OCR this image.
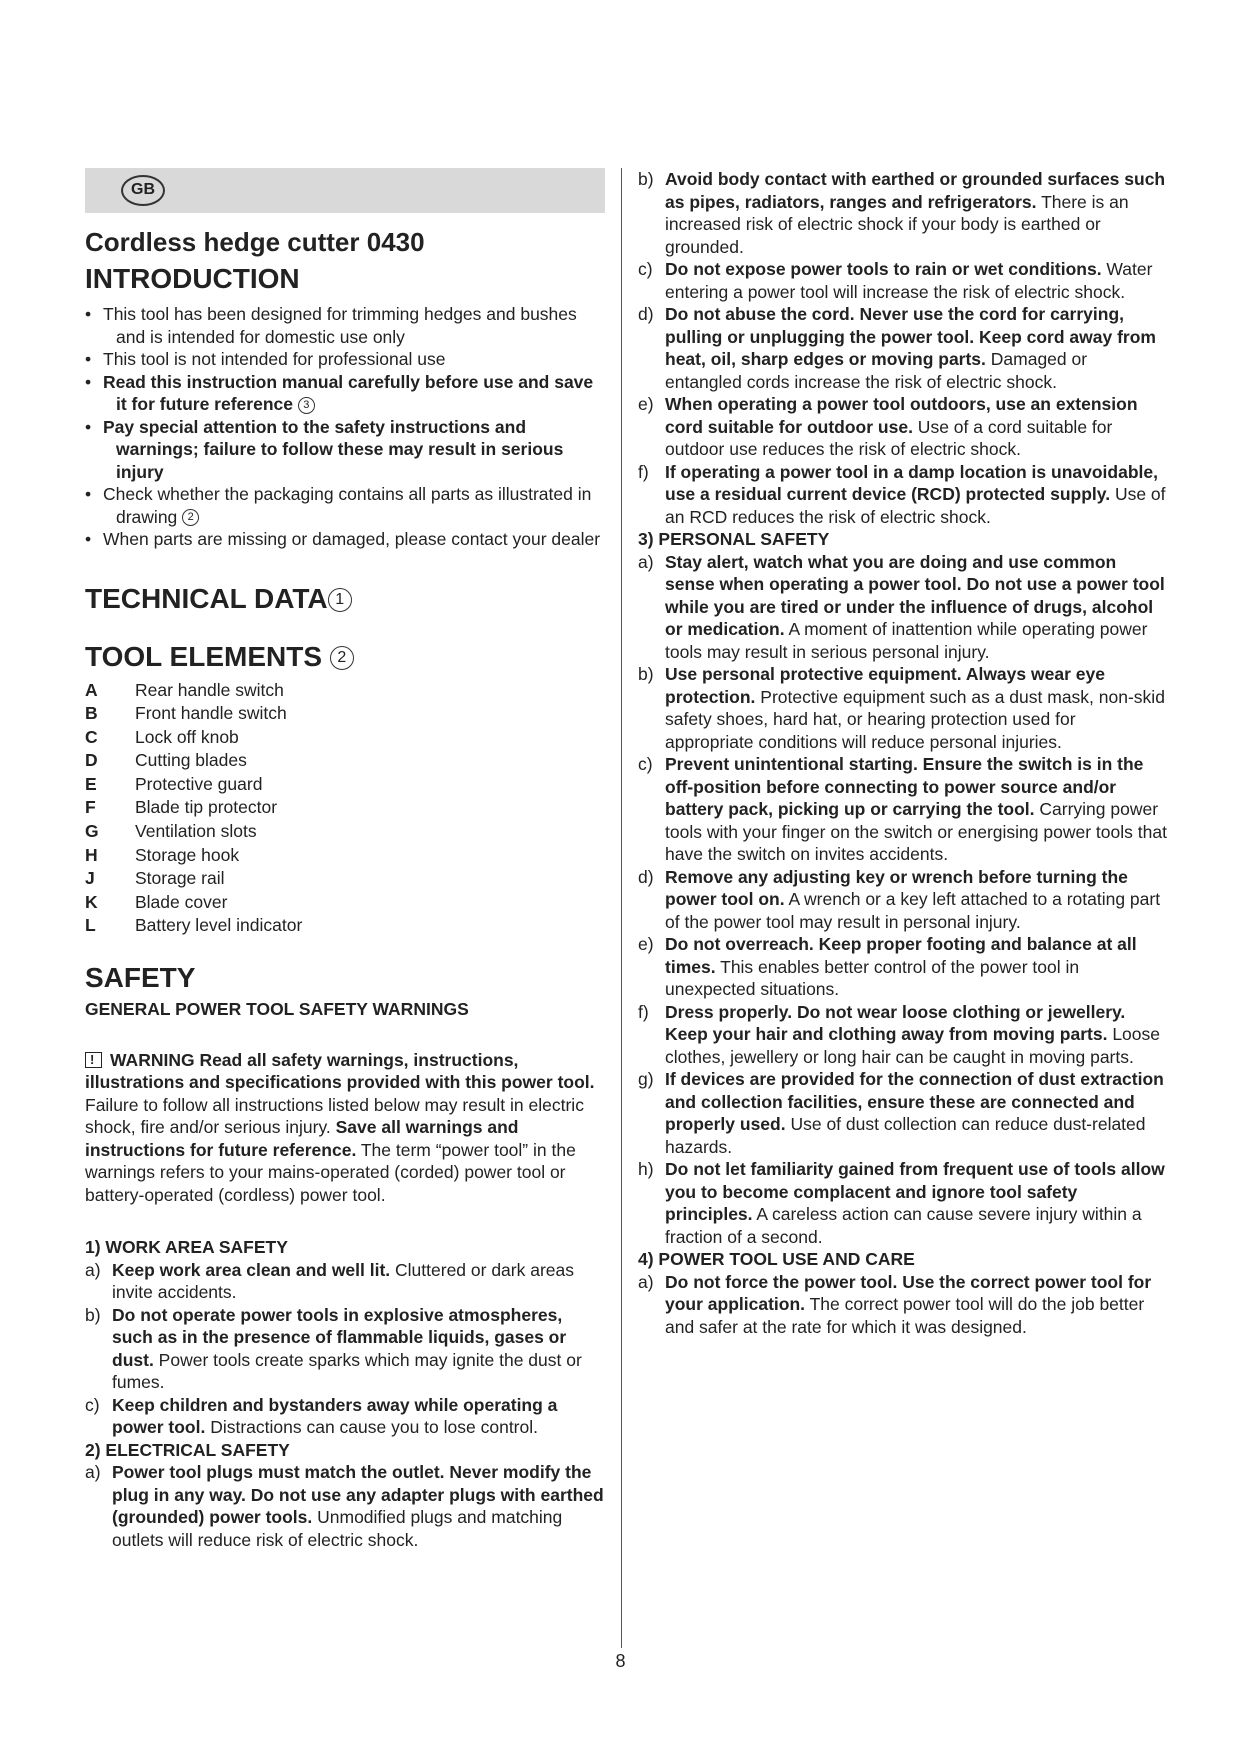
GB
Cordless hedge cutter 0430
INTRODUCTION
• This tool has been designed for trimming hedges and bushes and is intended for domestic use only
• This tool is not intended for professional use
• Read this instruction manual carefully before use and save it for future reference 3
• Pay special attention to the safety instructions and warnings; failure to follow these may result in serious injury
• Check whether the packaging contains all parts as illustrated in drawing 2
• When parts are missing or damaged, please contact your dealer
TECHNICAL DATA 1
TOOL ELEMENTS 2
A	Rear handle switch
B	Front handle switch
C	Lock off knob
D	Cutting blades
E	Protective guard
F	Blade tip protector
G	Ventilation slots
H	Storage hook
J	Storage rail
K	Blade cover
L	Battery level indicator
SAFETY
GENERAL POWER TOOL SAFETY WARNINGS
!WARNING Read all safety warnings, instructions, illustrations and specifications provided with this power tool. Failure to follow all instructions listed below may result in electric shock, fire and/or serious injury. Save all warnings and instructions for future reference. The term “power tool” in the warnings refers to your mains-operated (corded) power tool or battery-operated (cordless) power tool.
1) WORK AREA SAFETY
a) Keep work area clean and well lit. Cluttered or dark areas invite accidents.
b) Do not operate power tools in explosive atmospheres, such as in the presence of flammable liquids, gases or dust. Power tools create sparks which may ignite the dust or fumes.
c) Keep children and bystanders away while operating a power tool. Distractions can cause you to lose control.
2) ELECTRICAL SAFETY
a) Power tool plugs must match the outlet. Never modify the plug in any way. Do not use any adapter plugs with earthed (grounded) power tools. Unmodified plugs and matching outlets will reduce risk of electric shock.
b) Avoid body contact with earthed or grounded surfaces such as pipes, radiators, ranges and refrigerators. There is an increased risk of electric shock if your body is earthed or grounded.
c) Do not expose power tools to rain or wet conditions. Water entering a power tool will increase the risk of electric shock.
d) Do not abuse the cord. Never use the cord for carrying, pulling or unplugging the power tool. Keep cord away from heat, oil, sharp edges or moving parts. Damaged or entangled cords increase the risk of electric shock.
e) When operating a power tool outdoors, use an extension cord suitable for outdoor use. Use of a cord suitable for outdoor use reduces the risk of electric shock.
f) If operating a power tool in a damp location is unavoidable, use a residual current device (RCD) protected supply. Use of an RCD reduces the risk of electric shock.
3) PERSONAL SAFETY
a) Stay alert, watch what you are doing and use common sense when operating a power tool. Do not use a power tool while you are tired or under the influence of drugs, alcohol or medication. A moment of inattention while operating power tools may result in serious personal injury.
b) Use personal protective equipment. Always wear eye protection. Protective equipment such as a dust mask, non-skid safety shoes, hard hat, or hearing protection used for appropriate conditions will reduce personal injuries.
c) Prevent unintentional starting. Ensure the switch is in the off-position before connecting to power source and/or battery pack, picking up or carrying the tool. Carrying power tools with your finger on the switch or energising power tools that have the switch on invites accidents.
d) Remove any adjusting key or wrench before turning the power tool on. A wrench or a key left attached to a rotating part of the power tool may result in personal injury.
e) Do not overreach. Keep proper footing and balance at all times. This enables better control of the power tool in unexpected situations.
f) Dress properly. Do not wear loose clothing or jewellery. Keep your hair and clothing away from moving parts. Loose clothes, jewellery or long hair can be caught in moving parts.
g) If devices are provided for the connection of dust extraction and collection facilities, ensure these are connected and properly used. Use of dust collection can reduce dust-related hazards.
h) Do not let familiarity gained from frequent use of tools allow you to become complacent and ignore tool safety principles. A careless action can cause severe injury within a fraction of a second.
4) POWER TOOL USE AND CARE
a) Do not force the power tool. Use the correct power tool for your application. The correct power tool will do the job better and safer at the rate for which it was designed.
8
